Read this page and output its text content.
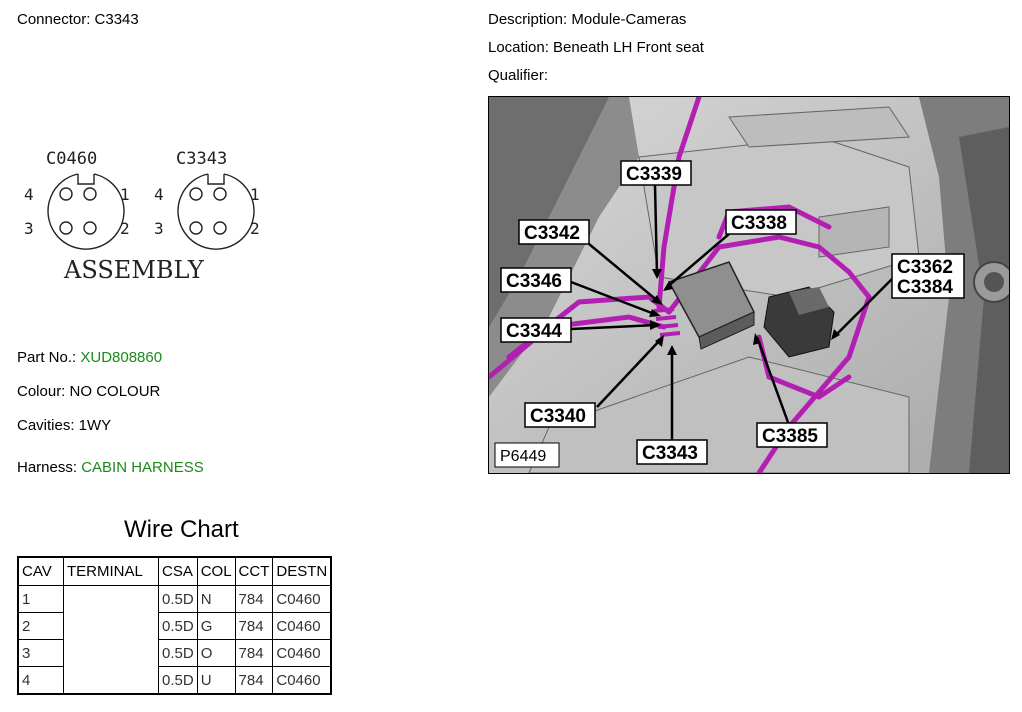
Connector: C3343	Description: Module-Cameras
Location: Beneath LH Front seat
Qualifier:
C0460	C3343
4	1
3	2
4	1
3	2
ASSEMBLY
Part No.: XUD808860
Colour: NO COLOUR
Cavities: 1WY
Harness: CABIN HARNESS
C3339
C3338
C3342
C3346
C3344
C3340
C3343
C3362
C3384
C3385
P6449
Wire Chart
CAV	TERMINAL	CSA	COL	CCT	DESTN
1		0.5D	N	784	C0460
2		0.5D	G	784	C0460
3		0.5D	O	784	C0460
4		0.5D	U	784	C0460
